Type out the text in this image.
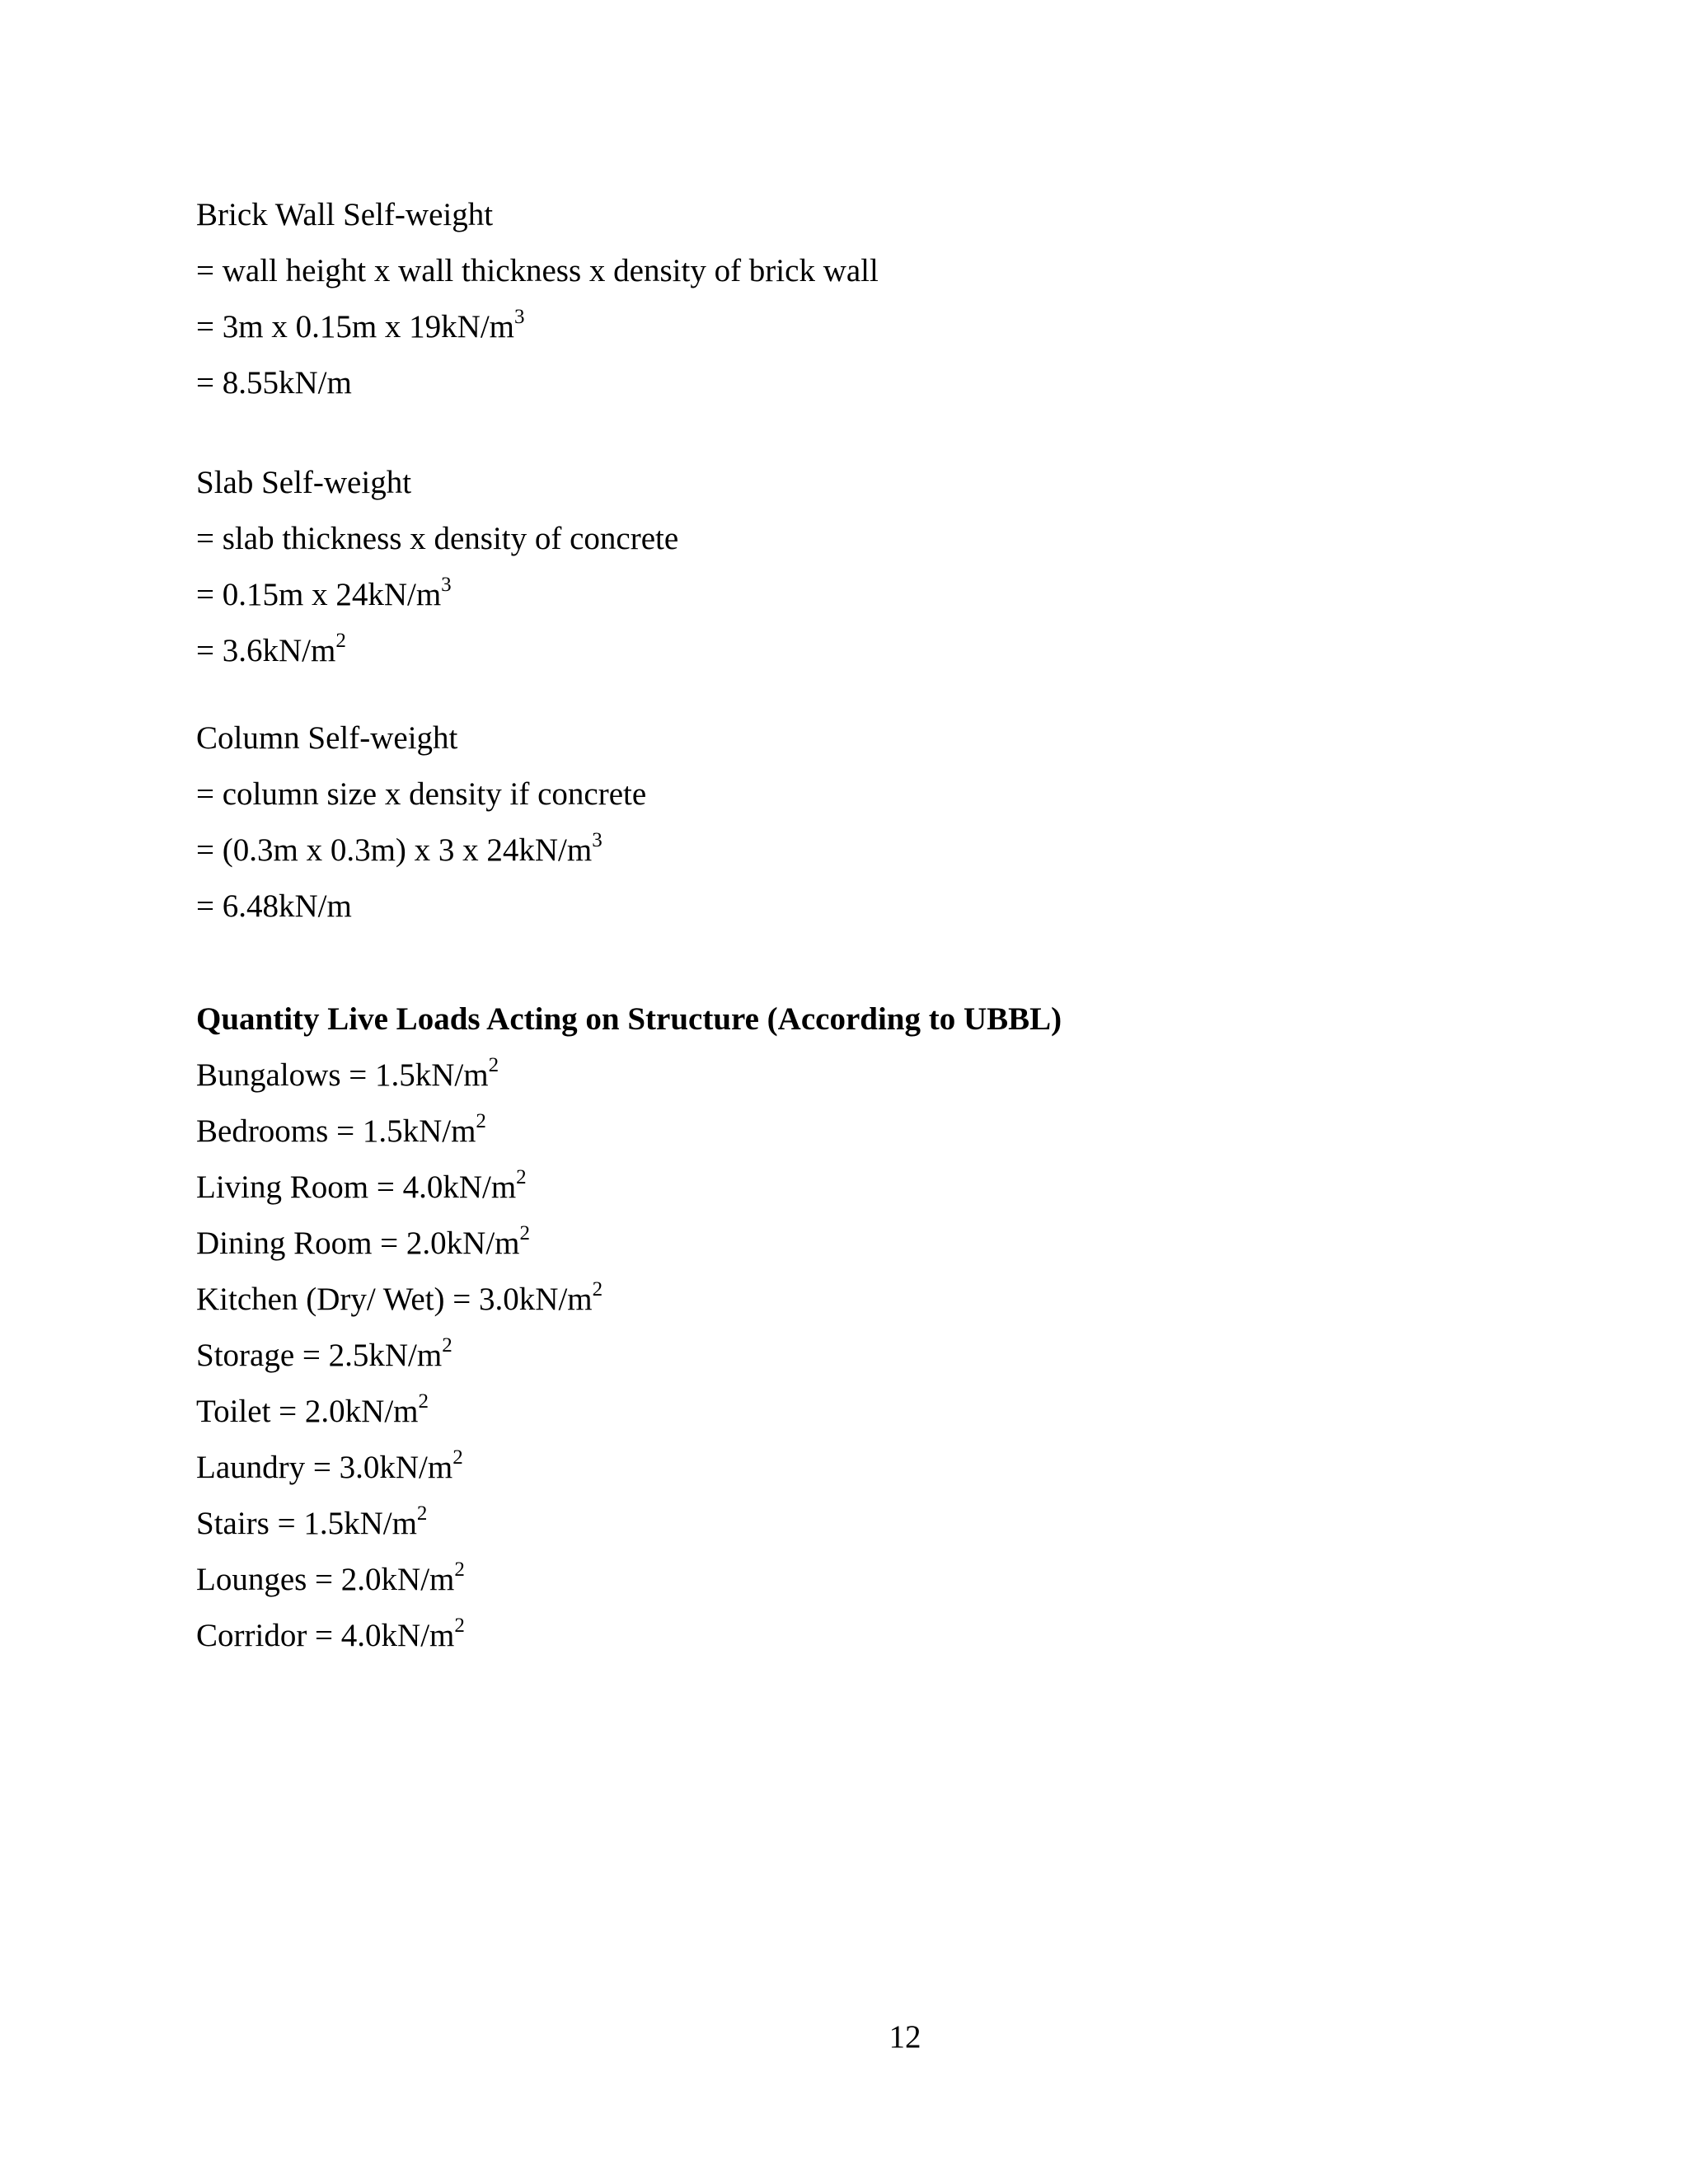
Brick Wall Self-weight
= wall height x wall thickness x density of brick wall
= 3m x 0.15m x $19kN/m^3$
= 8.55kN/m
Slab Self-weight
= slab thickness x density of concrete
= 0.15m x $24kN/m^3$
= $3.6kN/m^2$
Column Self-weight
= column size x density if concrete
= (0.3m x 0.3m) x 3 x $24kN/m^3$
= 6.48kN/m
Quantity Live Loads Acting on Structure (According to UBBL)
Bungalows = $1.5kN/m^2$
Bedrooms = $1.5kN/m^2$
Living Room = $4.0kN/m^2$
Dining Room = $2.0kN/m^2$
Kitchen (Dry/ $Wet) = 3.0kN/m^2$
Storage = $2.5kN/m^2$
Toilet = $2.0kN/m^2$
Laundry = $3.0kN/m^2$
Stairs = $1.5kN/m^2$
Lounges = $2.0kN/m^2$
Corridor = $4.0kN/m^2$
12
